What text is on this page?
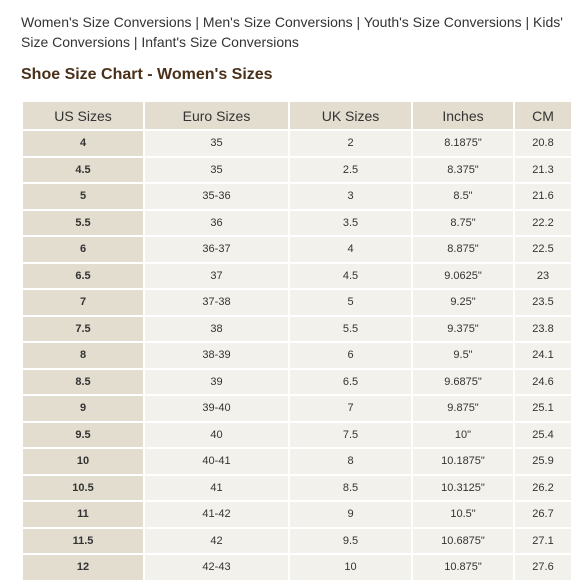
Women's Size Conversions | Men's Size Conversions | Youth's Size Conversions | Kids' Size Conversions | Infant's Size Conversions
Shoe Size Chart - Women's Sizes
US Sizes	Euro Sizes	UK Sizes	Inches	CM
4	35	2	8.1875"	20.8
4.5	35	2.5	8.375"	21.3
5	35-36	3	8.5"	21.6
5.5	36	3.5	8.75"	22.2
6	36-37	4	8.875"	22.5
6.5	37	4.5	9.0625"	23
7	37-38	5	9.25"	23.5
7.5	38	5.5	9.375"	23.8
8	38-39	6	9.5"	24.1
8.5	39	6.5	9.6875"	24.6
9	39-40	7	9.875"	25.1
9.5	40	7.5	10"	25.4
10	40-41	8	10.1875"	25.9
10.5	41	8.5	10.3125"	26.2
11	41-42	9	10.5"	26.7
11.5	42	9.5	10.6875"	27.1
12	42-43	10	10.875"	27.6
